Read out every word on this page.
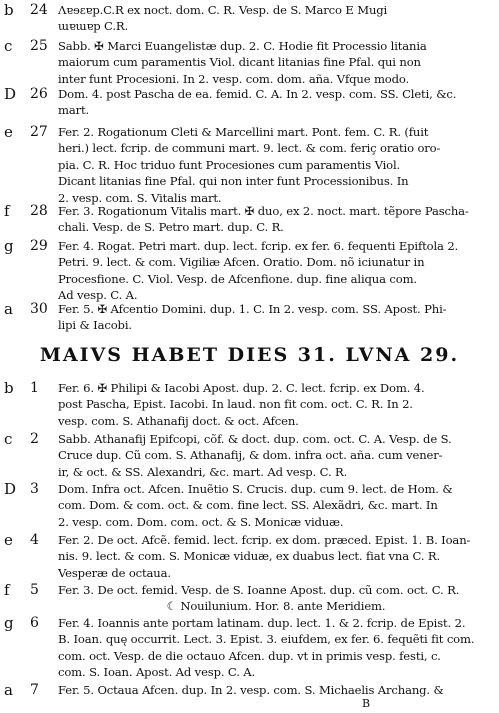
b	24 Ʌɐɘɛɐp.C.R ex noct. dom. C. R. Vesp. de S. Marco E Mugi
ɯɐɯɐp C.R.
c	25 Sabb. ✠ Marci Euangelistæ dup. 2. C. Hodie fit Processio litania
maiorum cum paramentis Viol. dicant litanias fine Pfal. qui non
inter funt Procesioni. In 2. vesp. com. dom. aña. Vfque modo.
D 26 Dom. 4. post Pascha de ea. femid. C. A. In 2. vesp. com. SS. Cleti, &c.
mart.
e	27 Fer. 2. Rogationum Cleti & Marcellini mart. Pont. fem. C. R. (fuit
heri.) lect. fcrip. de communi mart. 9. lect. & com. feriç oratio oro-
pia. C. R. Hoc triduo funt Procesiones cum paramentis Viol.
Dicant litanias fine Pfal. qui non inter funt Processionibus. In
2. vesp. com. S. Vitalis mart.
f	28 Fer. 3. Rogationum Vitalis mart. ✠ duo, ex 2. noct. mart. tẽpore Pascha-
chali. Vesp. de S. Petro mart. dup. C. R.
g	29 Fer. 4. Rogat. Petri mart. dup. lect. fcrip. ex fer. 6. fequenti Epiftola 2.
Petri. 9. lect. & com. Vigiliæ Afcen. Oratio. Dom. nõ iciunatur in
Procesfione. C. Viol. Vesp. de Afcenfione. dup. fine aliqua com.
Ad vesp. C. A.
a	30 Fer. 5. ✠ Afcentio Domini. dup. 1. C. In 2. vesp. com. SS. Apost. Phi-
lipi & Iacobi.
MAIVS HABET DIES 31. LVNA 29.
b	1	Fer. 6. ✠ Philipi & Iacobi Apost. dup. 2. C. lect. fcrip. ex Dom. 4.
post Pascha, Epist. Iacobi. In laud. non fit com. oct. C. R. In 2.
vesp. com. S. Athanafij doct. & oct. Afcen.
c	2	Sabb. Athanafij Epifcopi, cõf. & doct. dup. com. oct. C. A. Vesp. de S.
Cruce dup. Cũ com. S. Athanafij, & dom. infra oct. aña. cum vener-
ir, & oct. & SS. Alexandri, &c. mart. Ad vesp. C. R.
D 3	Dom. Infra oct. Afcen. Inuẽtio S. Crucis. dup. cum 9. lect. de Hom. &
com. Dom. & com. oct. & com. fine lect. SS. Alexãdri, &c. mart. In
2. vesp. com. Dom. com. oct. & S. Monicæ viduæ.
e	4	Fer. 2. De oct. Afcẽ. femid. lect. fcrip. ex dom. præced. Epist. 1. B. Ioan-
nis. 9. lect. & com. S. Monicæ viduæ, ex duabus lect. fiat vna C. R.
Vesperæ de octaua.
f	5	Fer. 3. De oct. femid. Vesp. de S. Ioanne Apost. dup. cũ com. oct. C. R.
☾ Nouilunium. Hor. 8. ante Meridiem.
g	6	Fer. 4. Ioannis ante portam latinam. dup. lect. 1. & 2. fcrip. de Epist. 2.
B. Ioan. quę occurrit. Lect. 3. Epist. 3. eiufdem, ex fer. 6. fequẽti fit com.
com. oct. Vesp. de die octauo Afcen. dup. vt in primis vesp. festi, c.
com. S. Ioan. Apost. Ad vesp. C. A.
a	7	Fer. 5. Octaua Afcen. dup. In 2. vesp. com. S. Michaelis Archang. &
B
